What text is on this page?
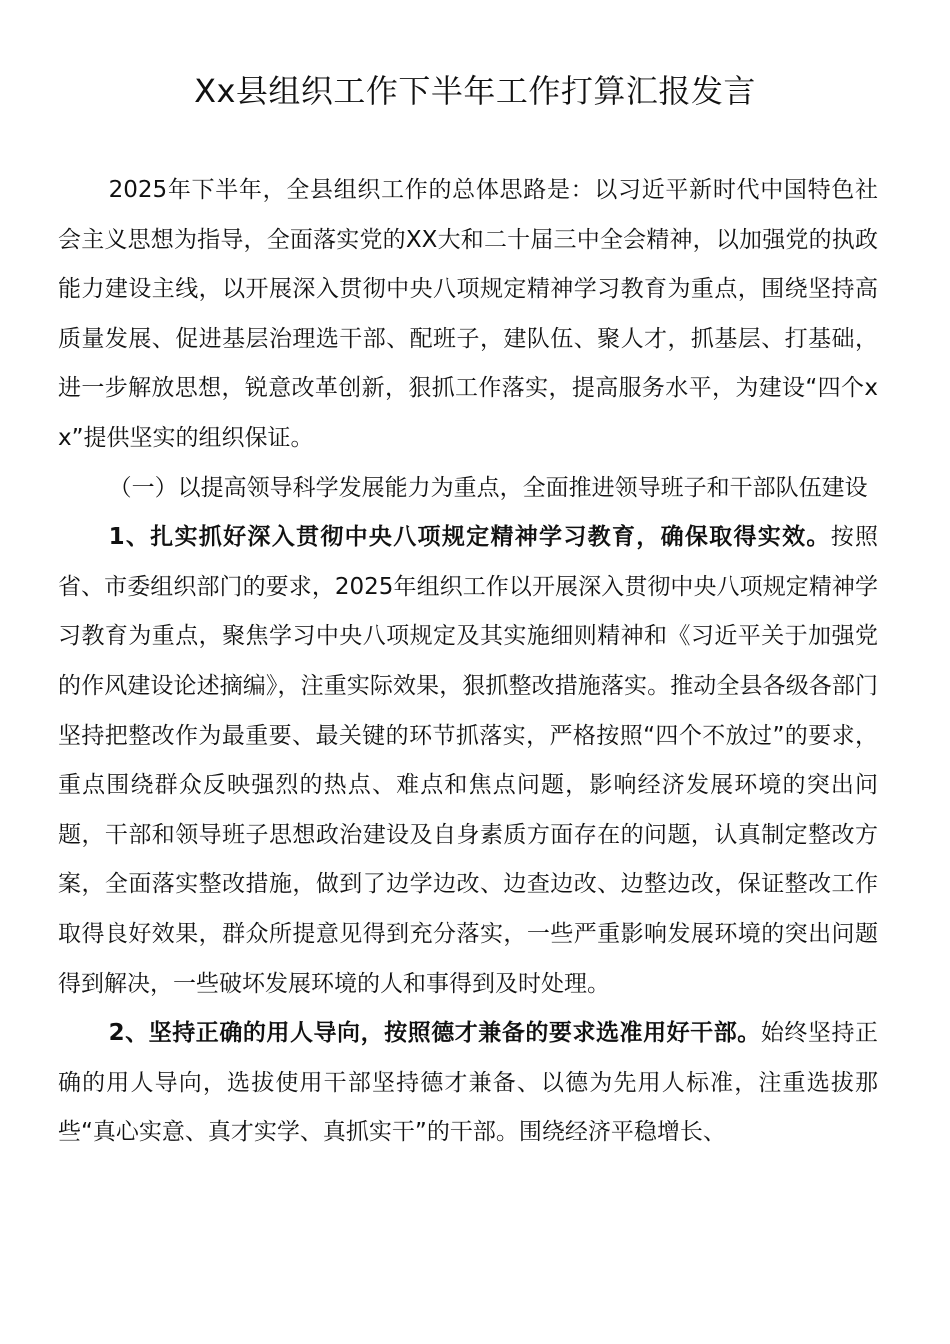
Xx县组织工作下半年工作打算汇报发言

2025年下半年，全县组织工作的总体思路是：以习近平新时代中国特色社会主义思想为指导，全面落实党的XX大和二十届三中全会精神，以加强党的执政能力建设主线，以开展深入贯彻中央八项规定精神学习教育为重点，围绕坚持高质量发展、促进基层治理选干部、配班子，建队伍、聚人才，抓基层、打基础，进一步解放思想，锐意改革创新，狠抓工作落实，提高服务水平，为建设“四个xx”提供坚实的组织保证。

（一）以提高领导科学发展能力为重点，全面推进领导班子和干部队伍建设

1、扎实抓好深入贯彻中央八项规定精神学习教育，确保取得实效。按照省、市委组织部门的要求，2025年组织工作以开展深入贯彻中央八项规定精神学习教育为重点，聚焦学习中央八项规定及其实施细则精神和《习近平关于加强党的作风建设论述摘编》，注重实际效果，狠抓整改措施落实。推动全县各级各部门坚持把整改作为最重要、最关键的环节抓落实，严格按照“四个不放过”的要求，重点围绕群众反映强烈的热点、难点和焦点问题，影响经济发展环境的突出问题，干部和领导班子思想政治建设及自身素质方面存在的问题，认真制定整改方案，全面落实整改措施，做到了边学边改、边查边改、边整边改，保证整改工作取得良好效果，群众所提意见得到充分落实，一些严重影响发展环境的突出问题得到解决，一些破坏发展环境的人和事得到及时处理。

2、坚持正确的用人导向，按照德才兼备的要求选准用好干部。始终坚持正确的用人导向，选拔使用干部坚持德才兼备、以德为先用人标准，注重选拔那些“真心实意、真才实学、真抓实干”的干部。围绕经济平稳增长、
